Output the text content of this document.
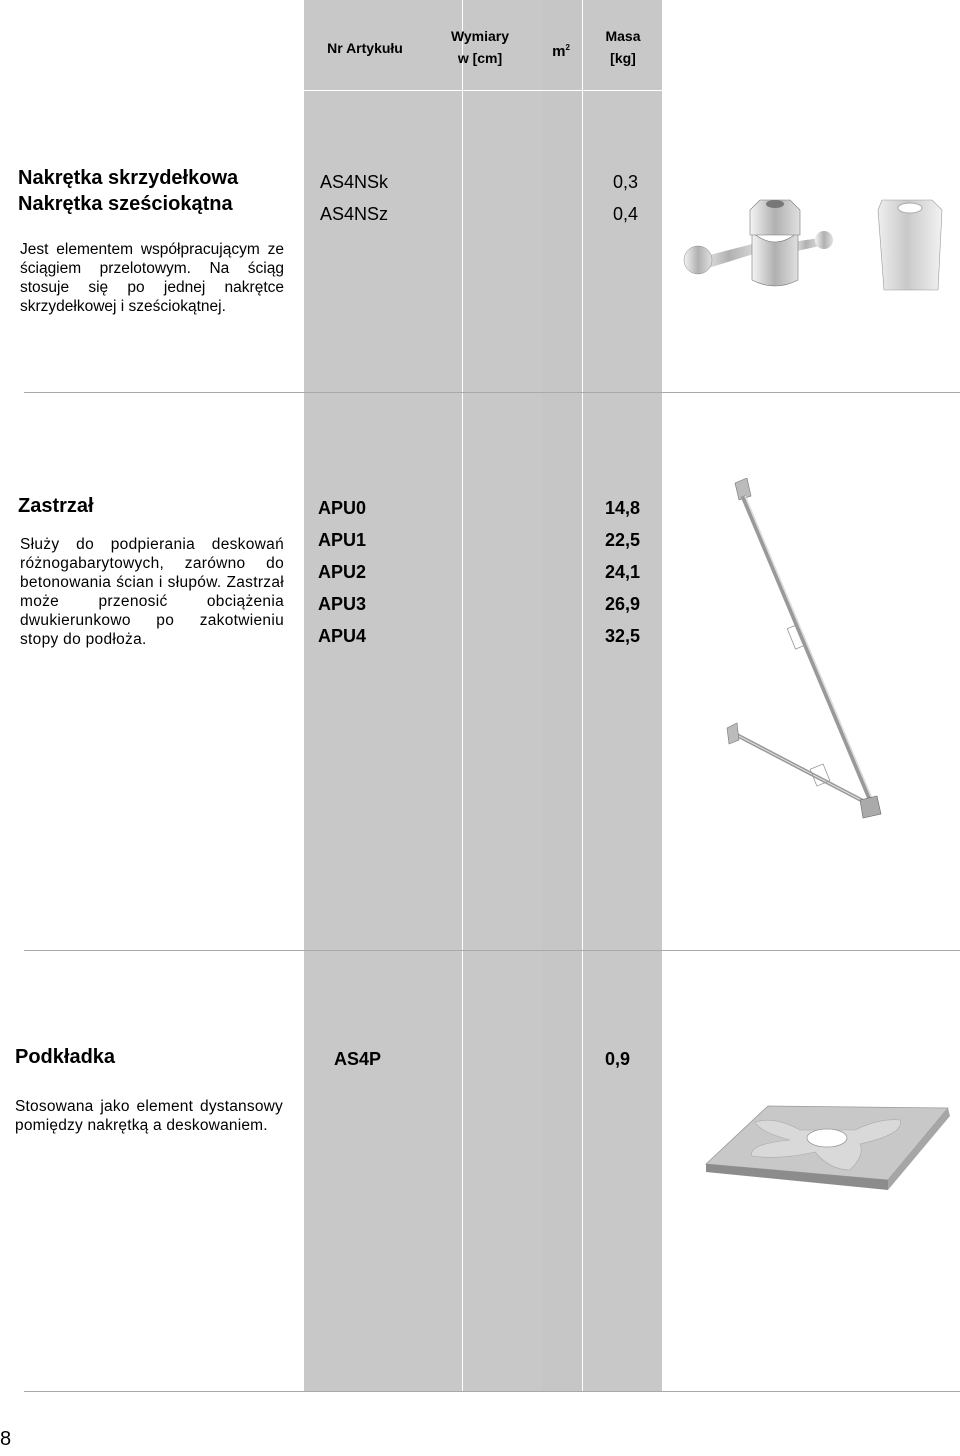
Nr Artykułu
Wymiary
w [cm]	$m^2$
Masa
[kg]
Nakrętka skrzydełkowa
Nakrętka sześciokątna
Jest elementem współpracującym ze ściągiem przelotowym. Na ściąg stosuje się po jednej nakrętce skrzydełkowej i sześciokątnej.
AS4NSk
AS4NSz
0,3
0,4
Zastrzał
Służy do podpierania deskowań różnogabarytowych, zarówno do betonowania ścian i słupów. Zastrzał może przenosić obciążenia dwukierunkowo po zakotwieniu stopy do podłoża.
APU0
APU1
APU2
APU3
APU4
14,8
22,5
24,1
26,9
32,5
Podkładka
Stosowana jako element dystansowy pomiędzy nakrętką a deskowaniem.
AS4P	0,9
8
